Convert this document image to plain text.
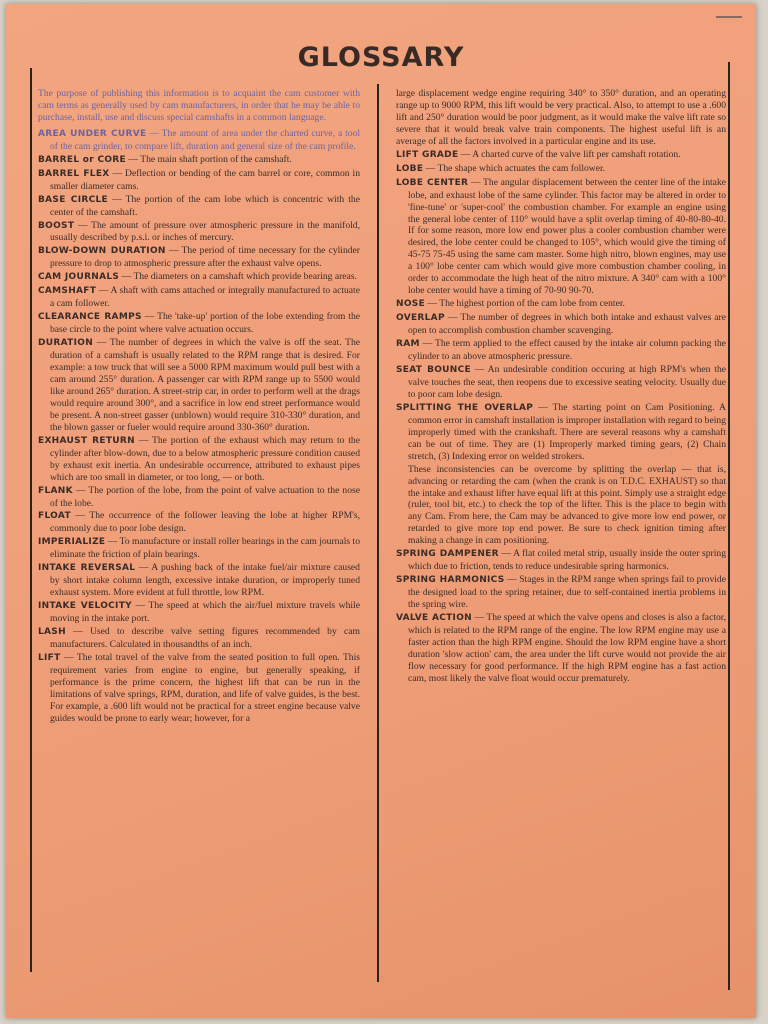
GLOSSARY

The purpose of publishing this information is to acquaint the cam customer with cam terms as generally used by cam manufacturers, in order that he may be able to purchase, install, use and discuss special camshafts in a common language.

AREA UNDER CURVE — The amount of area under the charted curve, a tool of the cam grinder, to compare lift, duration and general size of the cam profile.

BARREL or CORE — The main shaft portion of the camshaft.

BARREL FLEX — Deflection or bending of the cam barrel or core, common in smaller diameter cams.

BASE CIRCLE — The portion of the cam lobe which is concentric with the center of the camshaft.

BOOST — The amount of pressure over atmospheric pressure in the manifold, usually described by p.s.i. or inches of mercury.

BLOW-DOWN DURATION — The period of time necessary for the cylinder pressure to drop to atmospheric pressure after the exhaust valve opens.

CAM JOURNALS — The diameters on a camshaft which provide bearing areas.

CAMSHAFT — A shaft with cams attached or integrally manufactured to actuate a cam follower.

CLEARANCE RAMPS — The 'take-up' portion of the lobe extending from the base circle to the point where valve actuation occurs.

DURATION — The number of degrees in which the valve is off the seat. The duration of a camshaft is usually related to the RPM range that is desired. For example: a tow truck that will see a 5000 RPM maximum would pull best with a cam around 255° duration. A passenger car with RPM range up to 5500 would like around 265° duration. A street-strip car, in order to perform well at the drags would require around 300°, and a sacrifice in low end street performance would be present. A non-street gasser (unblown) would require 310-330° duration, and the blown gasser or fueler would require around 330-360° duration.

EXHAUST RETURN — The portion of the exhaust which may return to the cylinder after blow-down, due to a below atmospheric pressure condition caused by exhaust exit inertia. An undesirable occurrence, attributed to exhaust pipes which are too small in diameter, or too long, — or both.

FLANK — The portion of the lobe, from the point of valve actuation to the nose of the lobe.

FLOAT — The occurrence of the follower leaving the lobe at higher RPM's, commonly due to poor lobe design.

IMPERIALIZE — To manufacture or install roller bearings in the cam journals to eliminate the friction of plain bearings.

INTAKE REVERSAL — A pushing back of the intake fuel/air mixture caused by short intake column length, excessive intake duration, or improperly tuned exhaust system. More evident at full throttle, low RPM.

INTAKE VELOCITY — The speed at which the air/fuel mixture travels while moving in the intake port.

LASH — Used to describe valve setting figures recommended by cam manufacturers. Calculated in thousandths of an inch.

LIFT — The total travel of the valve from the seated position to full open. This requirement varies from engine to engine, but generally speaking, if performance is the prime concern, the highest lift that can be run in the limitations of valve springs, RPM, duration, and life of valve guides, is the best. For example, a .600 lift would not be practical for a street engine because valve guides would be prone to early wear; however, for a

large displacement wedge engine requiring 340° to 350° duration, and an operating range up to 9000 RPM, this lift would be very practical. Also, to attempt to use a .600 lift and 250° duration would be poor judgment, as it would make the valve lift rate so severe that it would break valve train components. The highest useful lift is an average of all the factors involved in a particular engine and its use.

LIFT GRADE — A charted curve of the valve lift per camshaft rotation.

LOBE — The shape which actuates the cam follower.

LOBE CENTER — The angular displacement between the center line of the intake lobe, and exhaust lobe of the same cylinder. This factor may be altered in order to 'fine-tune' or 'super-cool' the combustion chamber. For example an engine using the general lobe center of 110° would have a split overlap timing of 40-80-80-40. If for some reason, more low end power plus a cooler combustion chamber were desired, the lobe center could be changed to 105°, which would give the timing of 45-75 75-45 using the same cam master. Some high nitro, blown engines, may use a 100° lobe center cam which would give more combustion chamber cooling, in order to accommodate the high heat of the nitro mixture. A 340° cam with a 100° lobe center would have a timing of 70-90 90-70.

NOSE — The highest portion of the cam lobe from center.

OVERLAP — The number of degrees in which both intake and exhaust valves are open to accomplish combustion chamber scavenging.

RAM — The term applied to the effect caused by the intake air column packing the cylinder to an above atmospheric pressure.

SEAT BOUNCE — An undesirable condition occuring at high RPM's when the valve touches the seat, then reopens due to excessive seating velocity. Usually due to poor cam lobe design.

SPLITTING THE OVERLAP — The starting point on Cam Positioning. A common error in camshaft installation is improper installation with regard to being improperly timed with the crankshaft. There are several reasons why a camshaft can be out of time. They are (1) Improperly marked timing gears, (2) Chain stretch, (3) Indexing error on welded strokers.

These inconsistencies can be overcome by splitting the overlap — that is, advancing or retarding the cam (when the crank is on T.D.C. EXHAUST) so that the intake and exhaust lifter have equal lift at this point. Simply use a straight edge (ruler, tool bit, etc.) to check the top of the lifter. This is the place to begin with any Cam. From here, the Cam may be advanced to give more low end power, or retarded to give more top end power. Be sure to check ignition timing after making a change in cam positioning.

SPRING DAMPENER — A flat coiled metal strip, usually inside the outer spring which due to friction, tends to reduce undesirable spring harmonics.

SPRING HARMONICS — Stages in the RPM range when springs fail to provide the designed load to the spring retainer, due to self-contained inertia problems in the spring wire.

VALVE ACTION — The speed at which the valve opens and closes is also a factor, which is related to the RPM range of the engine. The low RPM engine may use a faster action than the high RPM engine. Should the low RPM engine have a short duration 'slow action' cam, the area under the lift curve would not provide the air flow necessary for good performance. If the high RPM engine has a fast action cam, most likely the valve float would occur prematurely.
